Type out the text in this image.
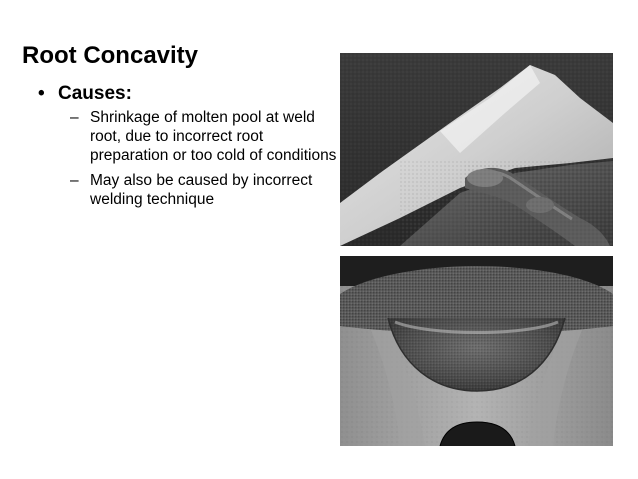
Root Concavity
• Causes:
– Shrinkage of molten pool at weld root, due to incorrect root preparation or too cold of conditions
– May also be caused by incorrect welding technique
